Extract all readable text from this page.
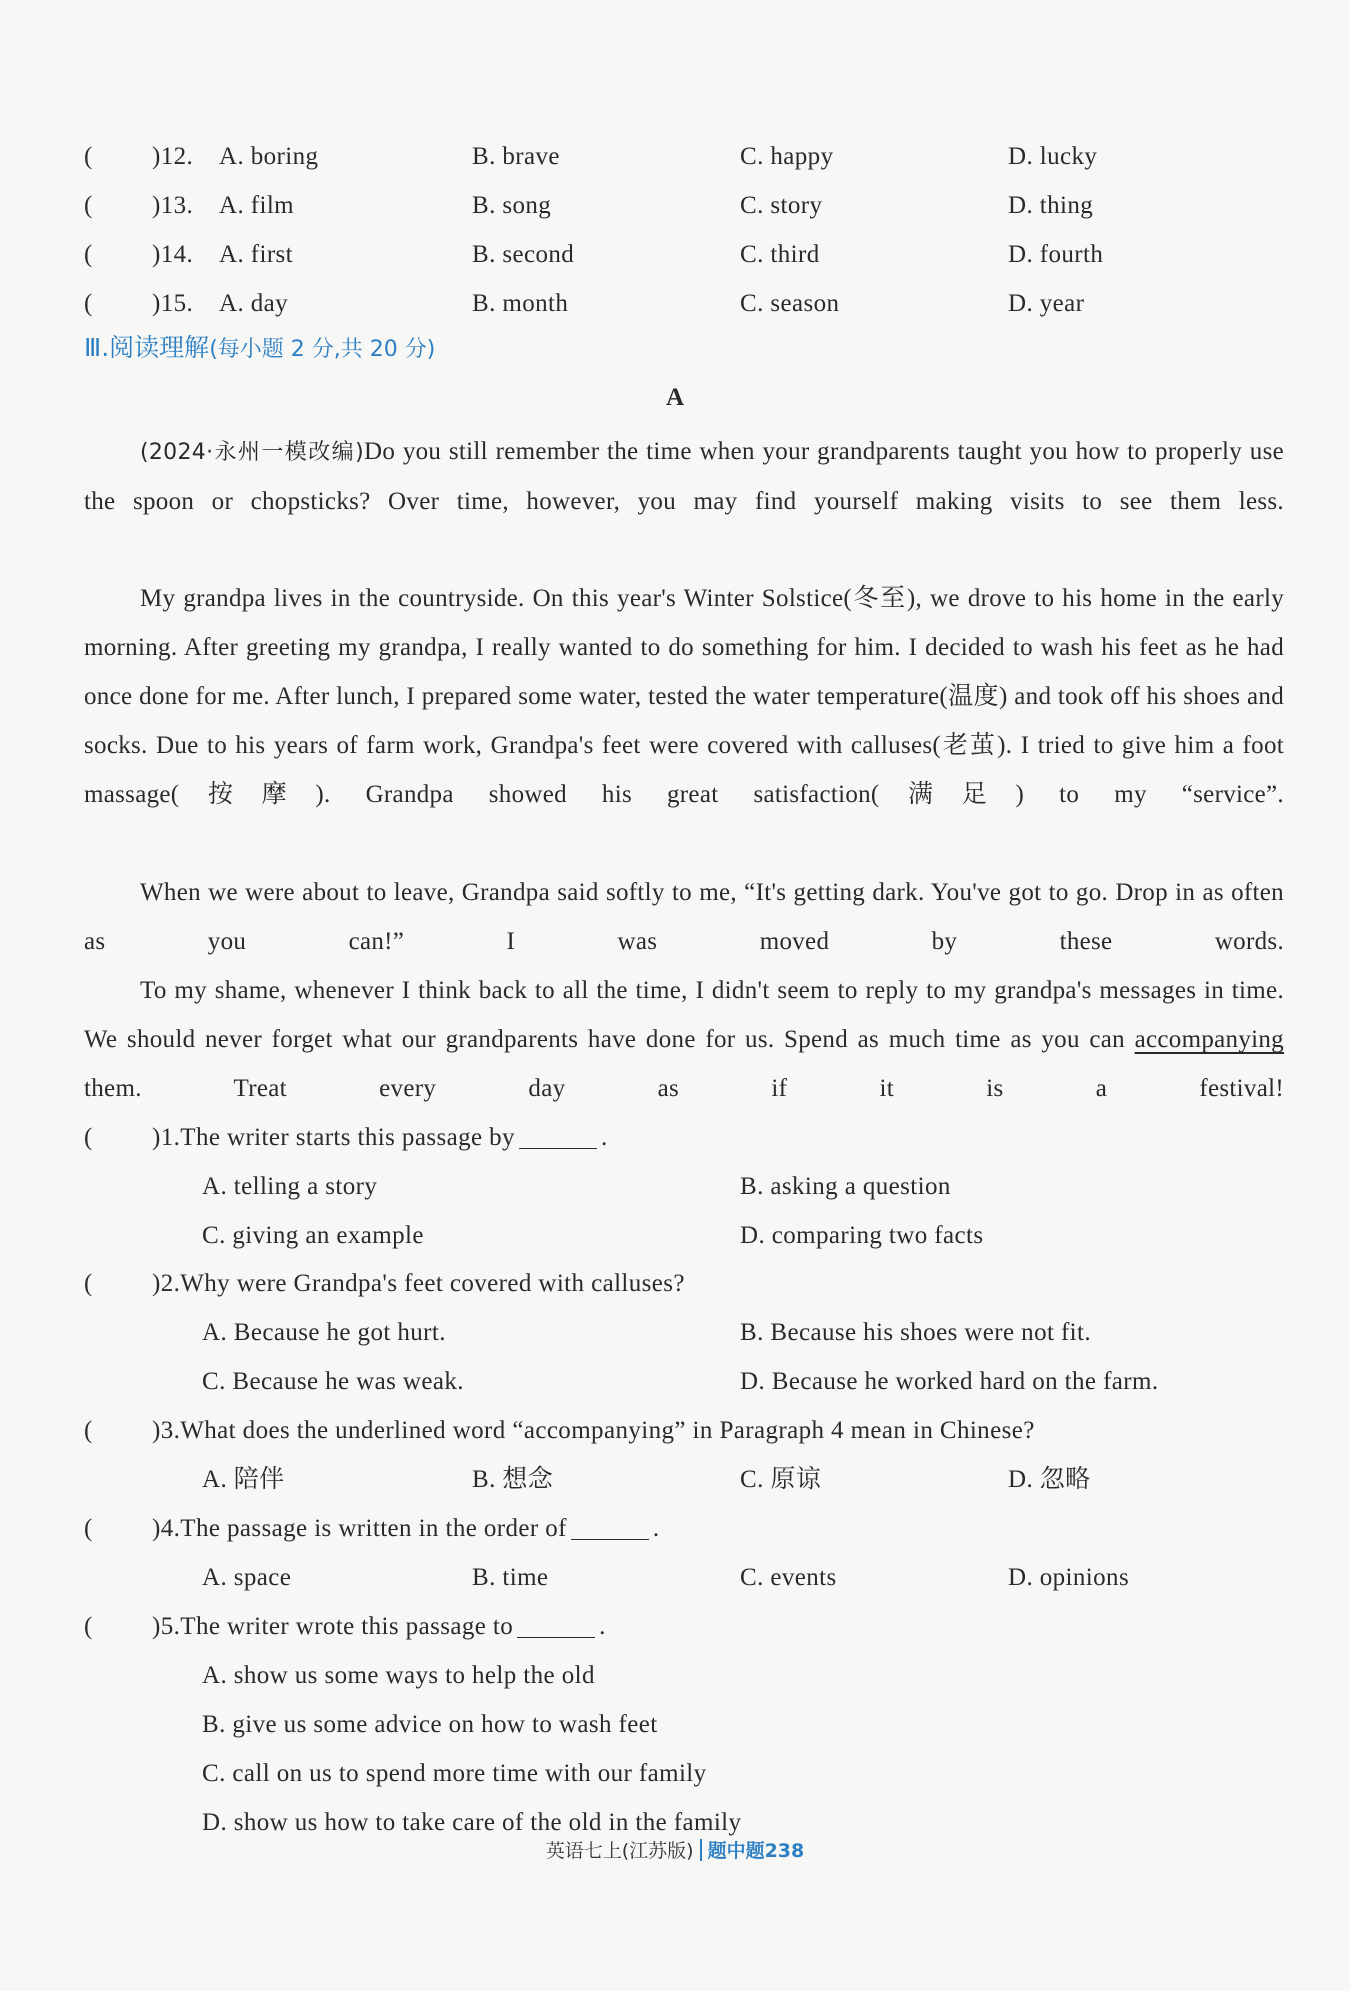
( )12. A. boring	B. brave	C. happy	D. lucky
( )13. A. film	B. song	C. story	D. thing
( )14. A. first	B. second	C. third	D. fourth
( )15. A. day	B. month	C. season	D. year
Ⅲ.阅读理解(每小题 2 分,共 20 分)
A
(2024·永州一模改编)Do you still remember the time when your grandparents taught you how to properly use the spoon or chopsticks? Over time, however, you may find yourself making visits to see them less.
My grandpa lives in the countryside. On this year's Winter Solstice(冬至), we drove to his home in the early morning. After greeting my grandpa, I really wanted to do something for him. I decided to wash his feet as he had once done for me. After lunch, I prepared some water, tested the water temperature(温度) and took off his shoes and socks. Due to his years of farm work, Grandpa's feet were covered with calluses(老茧). I tried to give him a foot massage(按摩). Grandpa showed his great satisfaction(满足) to my “service”.
When we were about to leave, Grandpa said softly to me, “It's getting dark. You've got to go. Drop in as often as you can!” I was moved by these words.
To my shame, whenever I think back to all the time, I didn't seem to reply to my grandpa's messages in time. We should never forget what our grandparents have done for us. Spend as much time as you can accompanying them. Treat every day as if it is a festival!
( )1.The writer starts this passage by	.
A. telling a story	B. asking a question
C. giving an example	D. comparing two facts
( )2.Why were Grandpa's feet covered with calluses?
A. Because he got hurt.	B. Because his shoes were not fit.
C. Because he was weak.	D. Because he worked hard on the farm.
( )3.What does the underlined word “accompanying” in Paragraph 4 mean in Chinese?
A. 陪伴	B. 想念	C. 原谅	D. 忽略
( )4.The passage is written in the order of	.
A. space	B. time	C. events	D. opinions
( )5.The writer wrote this passage to	.
A. show us some ways to help the old
B. give us some advice on how to wash feet
C. call on us to spend more time with our family
D. show us how to take care of the old in the family
英语七上(江苏版) 题中题238
